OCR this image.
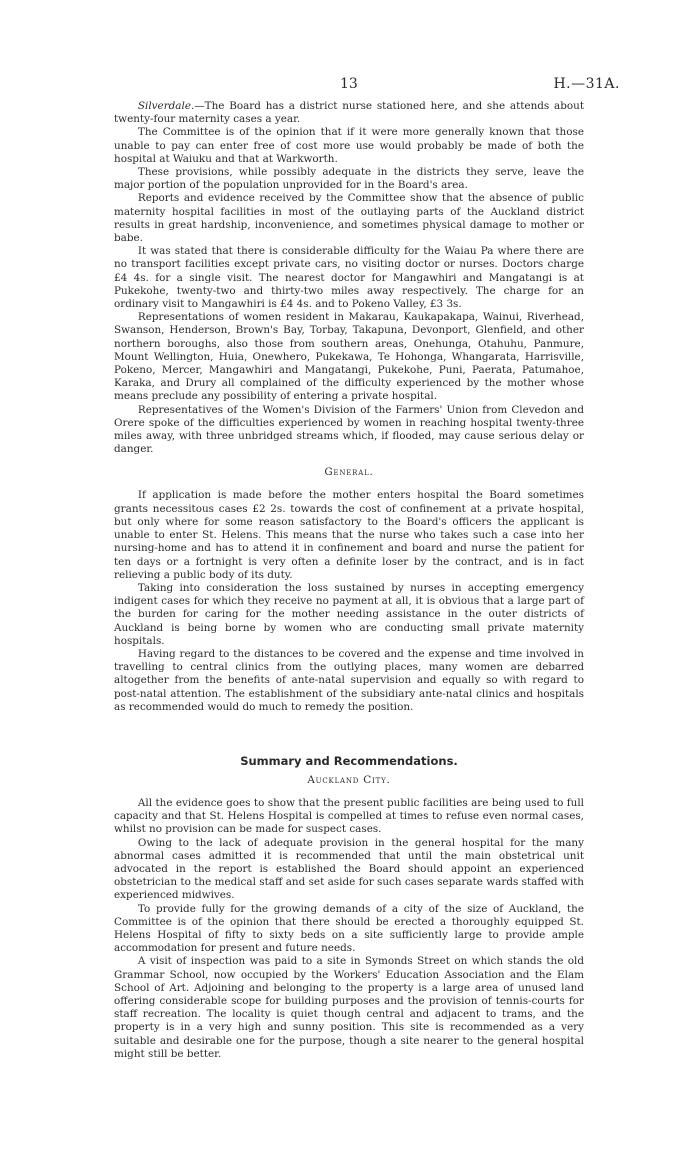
13	H.—31A.

Silverdale.—The Board has a district nurse stationed here, and she attends about twenty-four maternity cases a year.

The Committee is of the opinion that if it were more generally known that those unable to pay can enter free of cost more use would probably be made of both the hospital at Waiuku and that at Warkworth.

These provisions, while possibly adequate in the districts they serve, leave the major portion of the population unprovided for in the Board's area.

Reports and evidence received by the Committee show that the absence of public maternity hospital facilities in most of the outlaying parts of the Auckland district results in great hardship, inconvenience, and sometimes physical damage to mother or babe.

It was stated that there is considerable difficulty for the Waiau Pa where there are no transport facilities except private cars, no visiting doctor or nurses. Doctors charge £4 4s. for a single visit. The nearest doctor for Mangawhiri and Mangatangi is at Pukekohe, twenty-two and thirty-two miles away respectively. The charge for an ordinary visit to Mangawhiri is £4 4s. and to Pokeno Valley, £3 3s.

Representations of women resident in Makarau, Kaukapakapa, Wainui, Riverhead, Swanson, Henderson, Brown's Bay, Torbay, Takapuna, Devonport, Glenfield, and other northern boroughs, also those from southern areas, Onehunga, Otahuhu, Panmure, Mount Wellington, Huia, Onewhero, Pukekawa, Te Hohonga, Whangarata, Harrisville, Pokeno, Mercer, Mangawhiri and Mangatangi, Pukekohe, Puni, Paerata, Patumahoe, Karaka, and Drury all complained of the difficulty experienced by the mother whose means preclude any possibility of entering a private hospital.

Representatives of the Women's Division of the Farmers' Union from Clevedon and Orere spoke of the difficulties experienced by women in reaching hospital twenty-three miles away, with three unbridged streams which, if flooded, may cause serious delay or danger.

General.

If application is made before the mother enters hospital the Board sometimes grants necessitous cases £2 2s. towards the cost of confinement at a private hospital, but only where for some reason satisfactory to the Board's officers the applicant is unable to enter St. Helens. This means that the nurse who takes such a case into her nursing-home and has to attend it in confinement and board and nurse the patient for ten days or a fortnight is very often a definite loser by the contract, and is in fact relieving a public body of its duty.

Taking into consideration the loss sustained by nurses in accepting emergency indigent cases for which they receive no payment at all, it is obvious that a large part of the burden for caring for the mother needing assistance in the outer districts of Auckland is being borne by women who are conducting small private maternity hospitals.

Having regard to the distances to be covered and the expense and time involved in travelling to central clinics from the outlying places, many women are debarred altogether from the benefits of ante-natal supervision and equally so with regard to post-natal attention. The establishment of the subsidiary ante-natal clinics and hospitals as recommended would do much to remedy the position.

Summary and Recommendations.
Auckland City.

All the evidence goes to show that the present public facilities are being used to full capacity and that St. Helens Hospital is compelled at times to refuse even normal cases, whilst no provision can be made for suspect cases.

Owing to the lack of adequate provision in the general hospital for the many abnormal cases admitted it is recommended that until the main obstetrical unit advocated in the report is established the Board should appoint an experienced obstetrician to the medical staff and set aside for such cases separate wards staffed with experienced midwives.

To provide fully for the growing demands of a city of the size of Auckland, the Committee is of the opinion that there should be erected a thoroughly equipped St. Helens Hospital of fifty to sixty beds on a site sufficiently large to provide ample accommodation for present and future needs.

A visit of inspection was paid to a site in Symonds Street on which stands the old Grammar School, now occupied by the Workers' Education Association and the Elam School of Art. Adjoining and belonging to the property is a large area of unused land offering considerable scope for building purposes and the provision of tennis-courts for staff recreation. The locality is quiet though central and adjacent to trams, and the property is in a very high and sunny position. This site is recommended as a very suitable and desirable one for the purpose, though a site nearer to the general hospital might still be better.
